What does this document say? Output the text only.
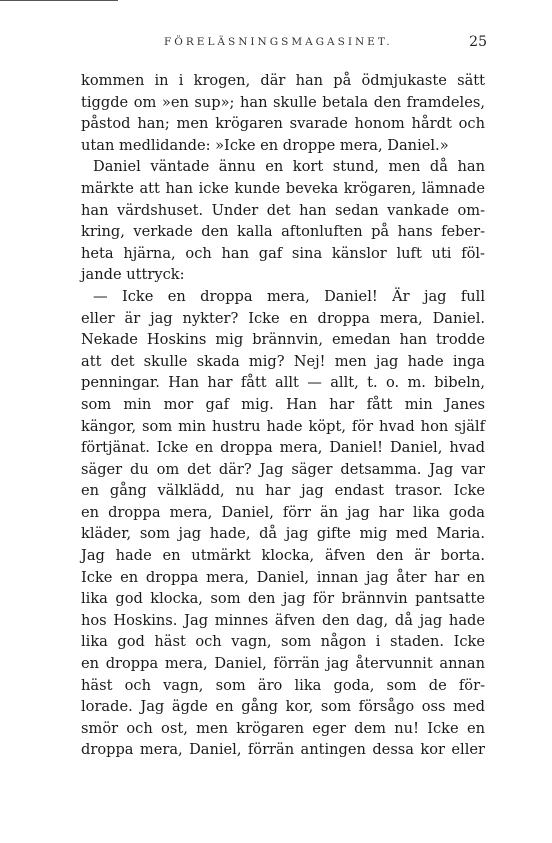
FÖRELÄSNINGSMAGASINET.	25
kommen in i krogen, där han på ödmjukaste sätt
tiggde om »en sup»; han skulle betala den framdeles,
påstod han; men krögaren svarade honom hårdt och
utan medlidande: »Icke en droppe mera, Daniel.»
Daniel väntade ännu en kort stund, men då han
märkte att han icke kunde beveka krögaren, lämnade
han värdshuset. Under det han sedan vankade om-
kring, verkade den kalla aftonluften på hans feber-
heta hjärna, och han gaf sina känslor luft uti föl-
jande uttryck:
— Icke en droppa mera, Daniel! Är jag full
eller är jag nykter? Icke en droppa mera, Daniel.
Nekade Hoskins mig brännvin, emedan han trodde
att det skulle skada mig? Nej! men jag hade inga
penningar. Han har fått allt — allt, t. o. m. bibeln,
som min mor gaf mig. Han har fått min Janes
kängor, som min hustru hade köpt, för hvad hon själf
förtjänat. Icke en droppa mera, Daniel! Daniel, hvad
säger du om det där? Jag säger detsamma. Jag var
en gång välklädd, nu har jag endast trasor. Icke
en droppa mera, Daniel, förr än jag har lika goda
kläder, som jag hade, då jag gifte mig med Maria.
Jag hade en utmärkt klocka, äfven den är borta.
Icke en droppa mera, Daniel, innan jag åter har en
lika god klocka, som den jag för brännvin pantsatte
hos Hoskins. Jag minnes äfven den dag, då jag hade
lika god häst och vagn, som någon i staden. Icke
en droppa mera, Daniel, förrän jag återvunnit annan
häst och vagn, som äro lika goda, som de för-
lorade. Jag ägde en gång kor, som försågo oss med
smör och ost, men krögaren eger dem nu! Icke en
droppa mera, Daniel, förrän antingen dessa kor eller
